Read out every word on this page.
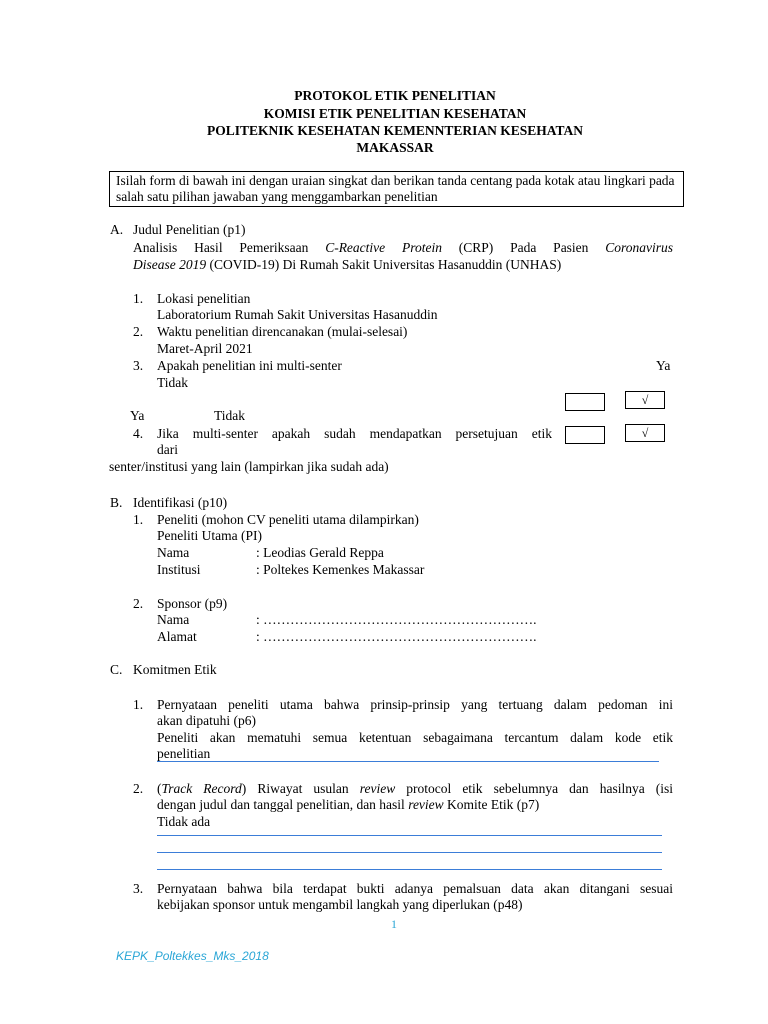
PROTOKOL ETIK PENELITIAN
KOMISI ETIK PENELITIAN KESEHATAN
POLITEKNIK KESEHATAN KEMENNTERIAN KESEHATAN
MAKASSAR
Isilah form di bawah ini dengan uraian singkat dan berikan tanda centang pada kotak atau lingkari pada salah satu pilihan jawaban yang menggambarkan penelitian
A. Judul Penelitian (p1)
Analisis Hasil Pemeriksaan C-Reactive Protein (CRP) Pada Pasien Coronavirus
Disease 2019 (COVID-19) Di Rumah Sakit Universitas Hasanuddin (UNHAS)
1. Lokasi penelitian
Laboratorium Rumah Sakit Universitas Hasanuddin
2. Waktu penelitian direncanakan (mulai-selesai)
Maret-April 2021
3. Apakah penelitian ini multi-senter	Ya
Tidak
√
Ya	Tidak
4. Jika multi-senter apakah sudah mendapatkan persetujuan etik
dari
senter/institusi yang lain (lampirkan jika sudah ada)
√
B. Identifikasi (p10)
1. Peneliti (mohon CV peneliti utama dilampirkan)
Peneliti Utama (PI)
Nama	: Leodias Gerald Reppa
Institusi	: Poltekes Kemenkes Makassar
2. Sponsor (p9)
Nama	: …………………………………………………….
Alamat	: …………………………………………………….
C. Komitmen Etik
1. Pernyataan peneliti utama bahwa prinsip-prinsip yang tertuang dalam pedoman ini
akan dipatuhi (p6)
Peneliti akan mematuhi semua ketentuan sebagaimana tercantum dalam kode etik
penelitian
2. (Track Record) Riwayat usulan review protocol etik sebelumnya dan hasilnya (isi
dengan judul dan tanggal penelitian, dan hasil review Komite Etik (p7)
Tidak ada
3. Pernyataan bahwa bila terdapat bukti adanya pemalsuan data akan ditangani sesuai
kebijakan sponsor untuk mengambil langkah yang diperlukan (p48)
1
KEPK_Poltekkes_Mks_2018
